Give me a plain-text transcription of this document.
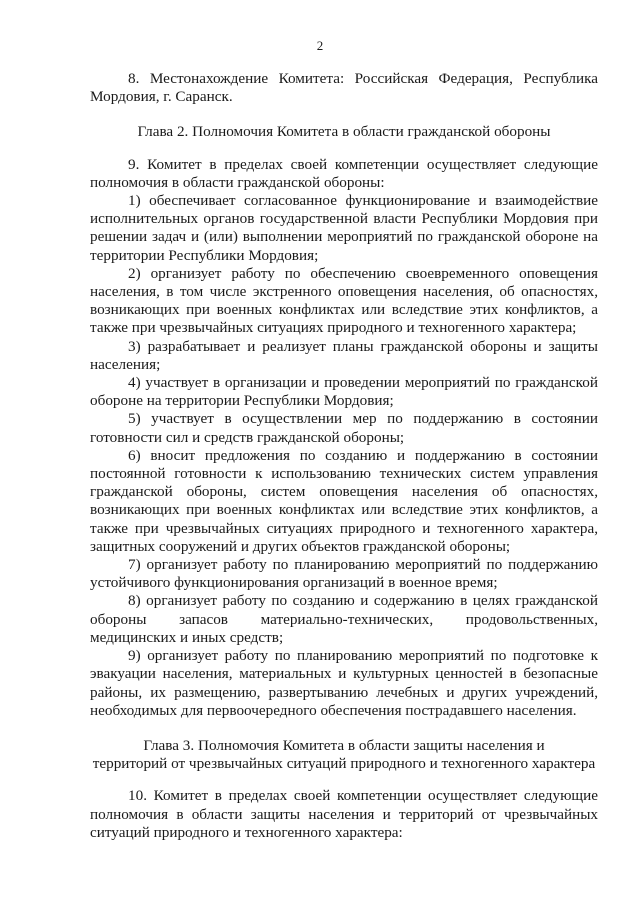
2

8. Местонахождение Комитета: Российская Федерация, Республика Мордовия, г. Саранск.

Глава 2. Полномочия Комитета в области гражданской обороны

9. Комитет в пределах своей компетенции осуществляет следующие полномочия в области гражданской обороны:

1) обеспечивает согласованное функционирование и взаимодействие исполнительных органов государственной власти Республики Мордовия при решении задач и (или) выполнении мероприятий по гражданской обороне на территории Республики Мордовия;

2) организует работу по обеспечению своевременного оповещения населения, в том числе экстренного оповещения населения, об опасностях, возникающих при военных конфликтах или вследствие этих конфликтов, а также при чрезвычайных ситуациях природного и техногенного характера;

3) разрабатывает и реализует планы гражданской обороны и защиты населения;

4) участвует в организации и проведении мероприятий по гражданской обороне на территории Республики Мордовия;

5) участвует в осуществлении мер по поддержанию в состоянии готовности сил и средств гражданской обороны;

6) вносит предложения по созданию и поддержанию в состоянии постоянной готовности к использованию технических систем управления гражданской обороны, систем оповещения населения об опасностях, возникающих при военных конфликтах или вследствие этих конфликтов, а также при чрезвычайных ситуациях природного и техногенного характера, защитных сооружений и других объектов гражданской обороны;

7) организует работу по планированию мероприятий по поддержанию устойчивого функционирования организаций в военное время;

8) организует работу по созданию и содержанию в целях гражданской обороны запасов материально-технических, продовольственных, медицинских и иных средств;

9) организует работу по планированию мероприятий по подготовке к эвакуации населения, материальных и культурных ценностей в безопасные районы, их размещению, развертыванию лечебных и других учреждений, необходимых для первоочередного обеспечения пострадавшего населения.

Глава 3. Полномочия Комитета в области защиты населения и

территорий от чрезвычайных ситуаций природного и техногенного характера

10. Комитет в пределах своей компетенции осуществляет следующие полномочия в области защиты населения и территорий от чрезвычайных ситуаций природного и техногенного характера:
